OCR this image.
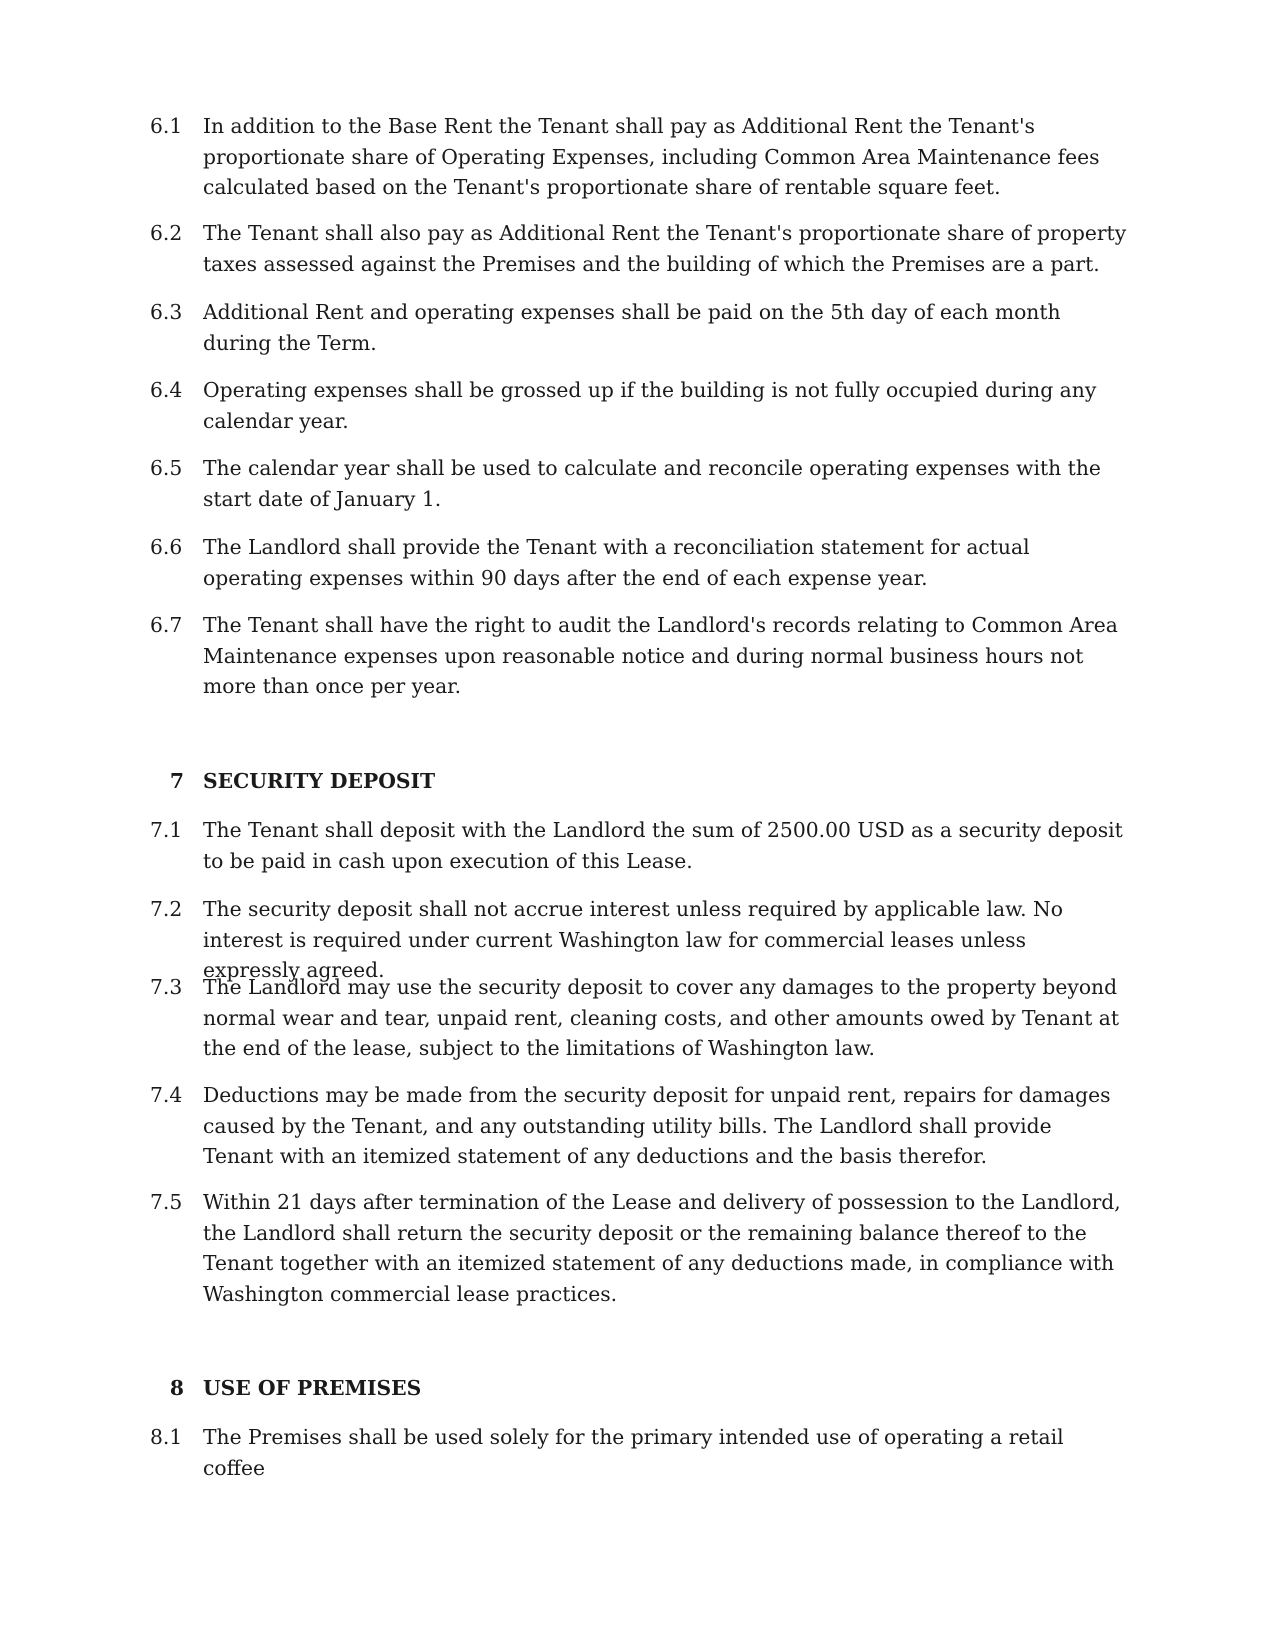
6.1	In addition to the Base Rent the Tenant shall pay as Additional Rent the Tenant's proportionate share of Operating Expenses, including Common Area Maintenance fees calculated based on the Tenant's proportionate share of rentable square feet.
6.2	The Tenant shall also pay as Additional Rent the Tenant's proportionate share of property taxes assessed against the Premises and the building of which the Premises are a part.
6.3	Additional Rent and operating expenses shall be paid on the 5th day of each month during the Term.
6.4	Operating expenses shall be grossed up if the building is not fully occupied during any calendar year.
6.5	The calendar year shall be used to calculate and reconcile operating expenses with the start date of January 1.
6.6	The Landlord shall provide the Tenant with a reconciliation statement for actual operating expenses within 90 days after the end of each expense year.
6.7	The Tenant shall have the right to audit the Landlord's records relating to Common Area Maintenance expenses upon reasonable notice and during normal business hours not more than once per year.
7 SECURITY DEPOSIT
7.1	The Tenant shall deposit with the Landlord the sum of 2500.00 USD as a security deposit to be paid in cash upon execution of this Lease.
7.2	The security deposit shall not accrue interest unless required by applicable law. No interest is required under current Washington law for commercial leases unless expressly agreed.
7.3	The Landlord may use the security deposit to cover any damages to the property beyond normal wear and tear, unpaid rent, cleaning costs, and other amounts owed by Tenant at the end of the lease, subject to the limitations of Washington law.
7.4	Deductions may be made from the security deposit for unpaid rent, repairs for damages caused by the Tenant, and any outstanding utility bills. The Landlord shall provide Tenant with an itemized statement of any deductions and the basis therefor.
7.5	Within 21 days after termination of the Lease and delivery of possession to the Landlord, the Landlord shall return the security deposit or the remaining balance thereof to the Tenant together with an itemized statement of any deductions made, in compliance with Washington commercial lease practices.
8 USE OF PREMISES
8.1	The Premises shall be used solely for the primary intended use of operating a retail coffee
